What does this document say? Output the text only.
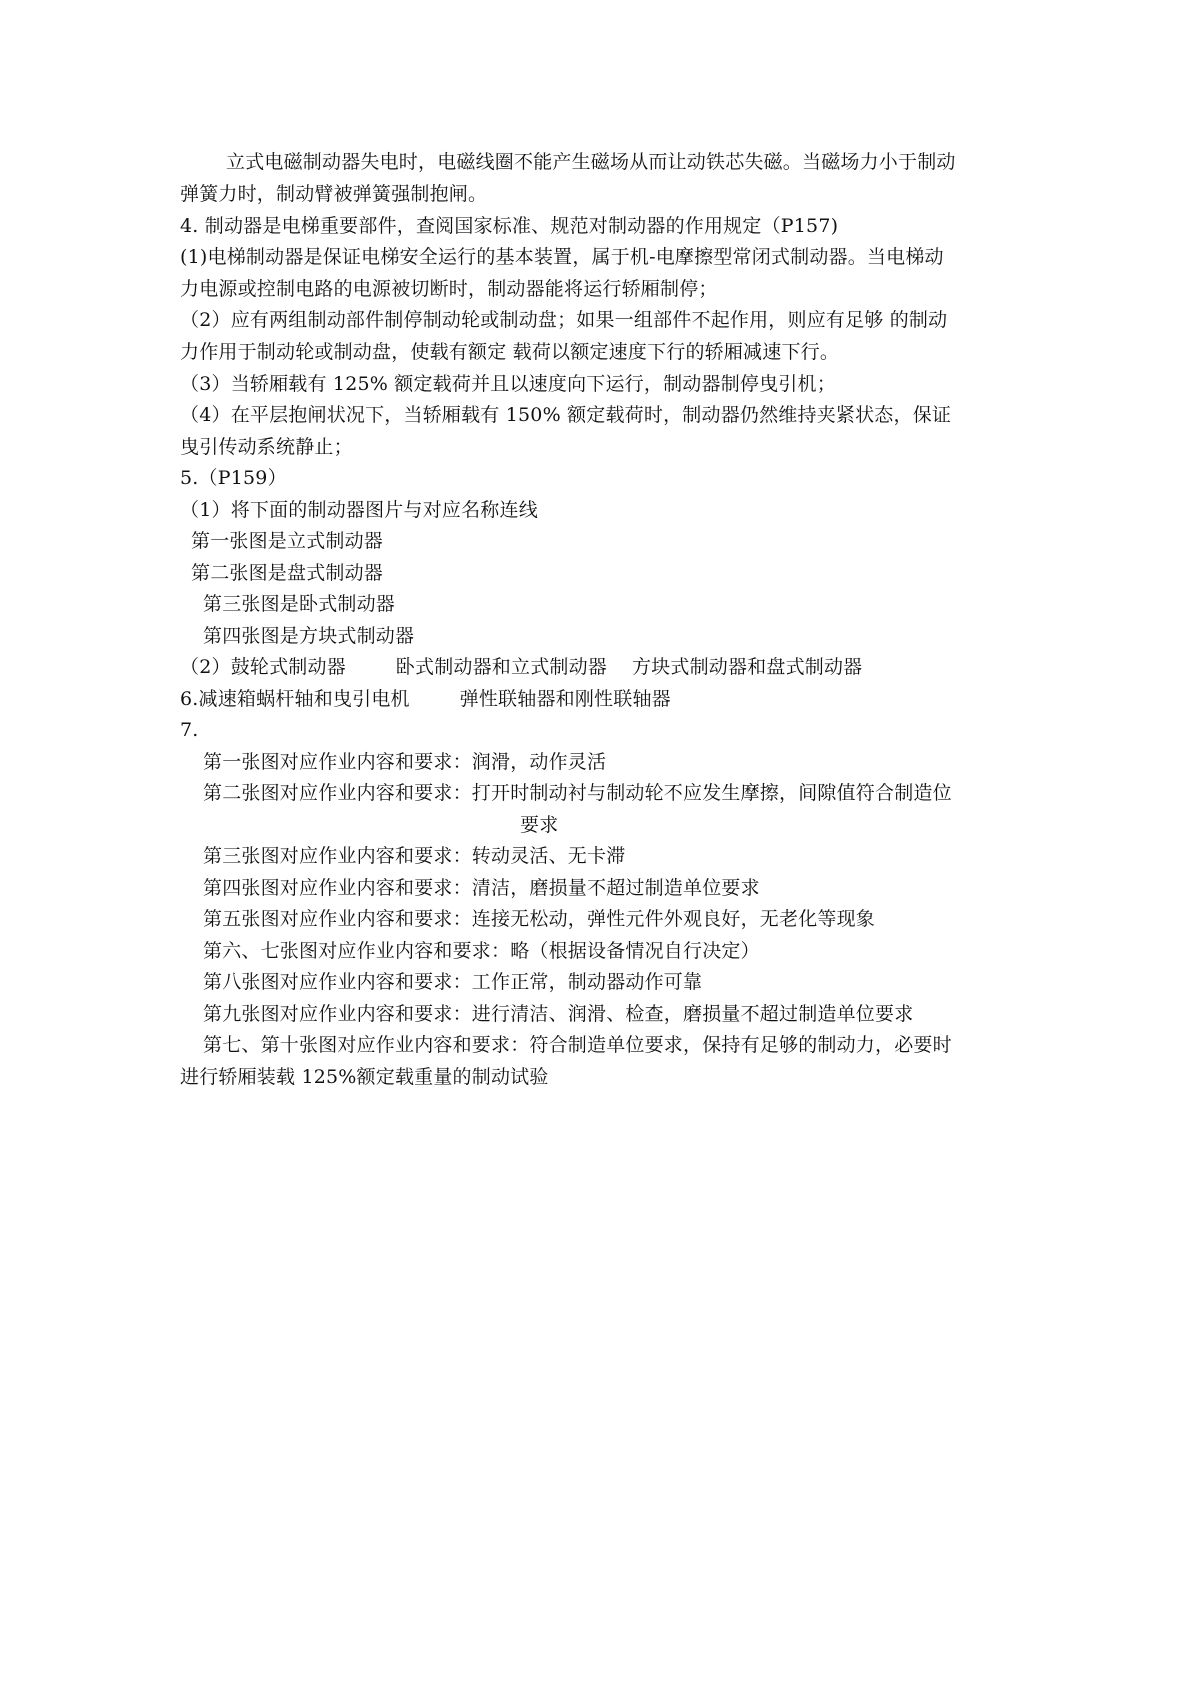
立式电磁制动器失电时，电磁线圈不能产生磁场从而让动铁芯失磁。当磁场力小于制动
弹簧力时，制动臂被弹簧强制抱闸。
4. 制动器是电梯重要部件，查阅国家标准、规范对制动器的作用规定（P157)
(1)电梯制动器是保证电梯安全运行的基本装置，属于机-电摩擦型常闭式制动器。当电梯动
力电源或控制电路的电源被切断时，制动器能将运行轿厢制停；
（2）应有两组制动部件制停制动轮或制动盘；如果一组部件不起作用，则应有足够 的制动
力作用于制动轮或制动盘，使载有额定 载荷以额定速度下行的轿厢减速下行。
（3）当轿厢载有 125% 额定载荷并且以速度向下运行，制动器制停曳引机；
（4）在平层抱闸状况下，当轿厢载有 150% 额定载荷时，制动器仍然维持夹紧状态，保证
曳引传动系统静止；
5.（P159）
（1）将下面的制动器图片与对应名称连线
第一张图是立式制动器
第二张图是盘式制动器
第三张图是卧式制动器
第四张图是方块式制动器
（2）鼓轮式制动器        卧式制动器和立式制动器    方块式制动器和盘式制动器
6.减速箱蜗杆轴和曳引电机        弹性联轴器和刚性联轴器
7.
第一张图对应作业内容和要求：润滑，动作灵活
第二张图对应作业内容和要求：打开时制动衬与制动轮不应发生摩擦，间隙值符合制造位
要求
第三张图对应作业内容和要求：转动灵活、无卡滞
第四张图对应作业内容和要求：清洁，磨损量不超过制造单位要求
第五张图对应作业内容和要求：连接无松动，弹性元件外观良好，无老化等现象
第六、七张图对应作业内容和要求：略（根据设备情况自行决定）
第八张图对应作业内容和要求：工作正常，制动器动作可靠
第九张图对应作业内容和要求：进行清洁、润滑、检查，磨损量不超过制造单位要求
第七、第十张图对应作业内容和要求：符合制造单位要求，保持有足够的制动力，必要时
进行轿厢装载 125%额定载重量的制动试验
